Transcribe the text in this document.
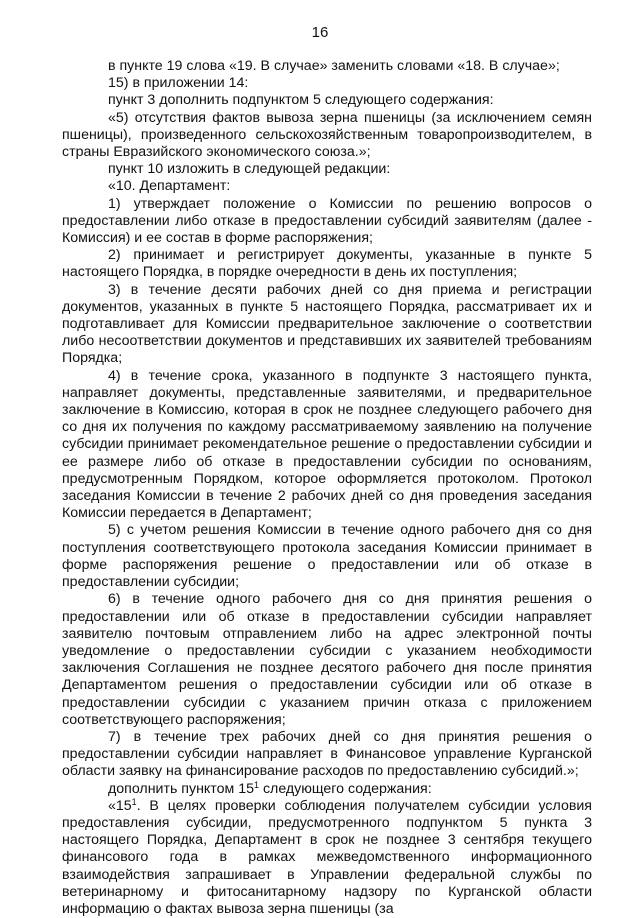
16

в пункте 19 слова «19. В случае» заменить словами «18. В случае»;

15) в приложении 14:

пункт 3 дополнить подпунктом 5 следующего содержания:

«5) отсутствия фактов вывоза зерна пшеницы (за исключением семян пшеницы), произведенного сельскохозяйственным товаропроизводителем, в страны Евразийского экономического союза.»;

пункт 10 изложить в следующей редакции:

«10. Департамент:

1) утверждает положение о Комиссии по решению вопросов о предоставлении либо отказе в предоставлении субсидий заявителям (далее - Комиссия) и ее состав в форме распоряжения;

2) принимает и регистрирует документы, указанные в пункте 5 настоящего Порядка, в порядке очередности в день их поступления;

3) в течение десяти рабочих дней со дня приема и регистрации документов, указанных в пункте 5 настоящего Порядка, рассматривает их и подготавливает для Комиссии предварительное заключение о соответствии либо несоответствии документов и представивших их заявителей требованиям Порядка;

4) в течение срока, указанного в подпункте 3 настоящего пункта, направляет документы, представленные заявителями, и предварительное заключение в Комиссию, которая в срок не позднее следующего рабочего дня со дня их получения по каждому рассматриваемому заявлению на получение субсидии принимает рекомендательное решение о предоставлении субсидии и ее размере либо об отказе в предоставлении субсидии по основаниям, предусмотренным Порядком, которое оформляется протоколом. Протокол заседания Комиссии в течение 2 рабочих дней со дня проведения заседания Комиссии передается в Департамент;

5) с учетом решения Комиссии в течение одного рабочего дня со дня поступления соответствующего протокола заседания Комиссии принимает в форме распоряжения решение о предоставлении или об отказе в предоставлении субсидии;

6) в течение одного рабочего дня со дня принятия решения о предоставлении или об отказе в предоставлении субсидии направляет заявителю почтовым отправлением либо на адрес электронной почты уведомление о предоставлении субсидии с указанием необходимости заключения Соглашения не позднее десятого рабочего дня после принятия Департаментом решения о предоставлении субсидии или об отказе в предоставлении субсидии с указанием причин отказа с приложением соответствующего распоряжения;

7) в течение трех рабочих дней со дня принятия решения о предоставлении субсидии направляет в Финансовое управление Курганской области заявку на финансирование расходов по предоставлению субсидий.»;

дополнить пунктом $15^1$ следующего содержания:

«$15^1$. В целях проверки соблюдения получателем субсидии условия предоставления субсидии, предусмотренного подпунктом 5 пункта 3 настоящего Порядка, Департамент в срок не позднее 3 сентября текущего финансового года в рамках межведомственного информационного взаимодействия запрашивает в Управлении федеральной службы по ветеринарному и фитосанитарному надзору по Курганской области информацию о фактах вывоза зерна пшеницы (за
